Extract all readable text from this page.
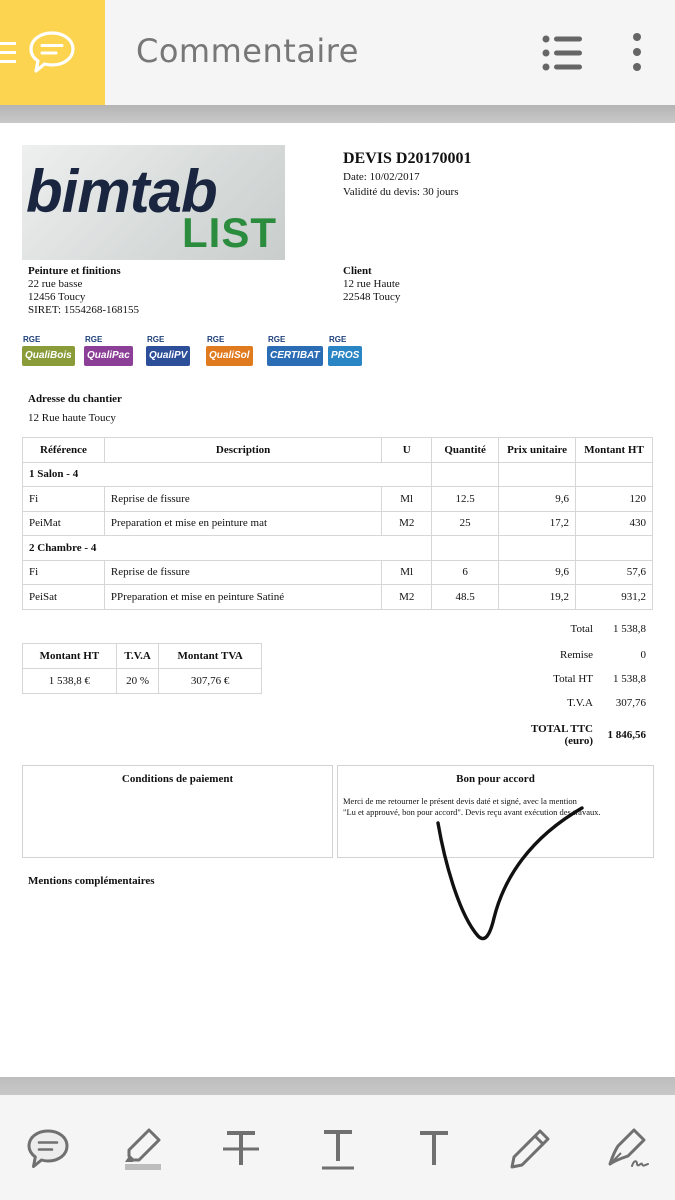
Commentaire
bimtab
LIST
DEVIS D20170001
Date: 10/02/2017
Validité du devis: 30 jours
Peinture et finitions
22 rue basse
12456 Toucy
SIRET: 1554268-168155
Client
12 rue Haute
22548 Toucy
RGE
QualiBois
RGE
QualiPac
RGE
QualiPV
RGE
QualiSol
RGE
CERTIBAT
RGE
PROS
Adresse du chantier
12 Rue haute Toucy
Référence	Description	U	Quantité	Prix unitaire	Montant HT
1 Salon - 4					
Fi	Reprise de fissure	Ml	12.5	9,6	120
PeiMat	Preparation et mise en peinture mat	M2	25	17,2	430
2 Chambre - 4					
Fi	Reprise de fissure	Ml	6	9,6	57,6
PeiSat	PPreparation et mise en peinture Satiné	M2	48.5	19,2	931,2
Montant HT	T.V.A	Montant TVA
1 538,8 €	20 %	307,76 €
Total 1 538,8
Remise	0
Total HT 1 538,8
T.V.A 307,76
TOTAL TTC
(euro) 1 846,56
Conditions de paiement	Bon pour accord
Merci de me retourner le présent devis daté et signé, avec la mention
"Lu et approuvé, bon pour accord". Devis reçu avant exécution des travaux.
Mentions complémentaires
